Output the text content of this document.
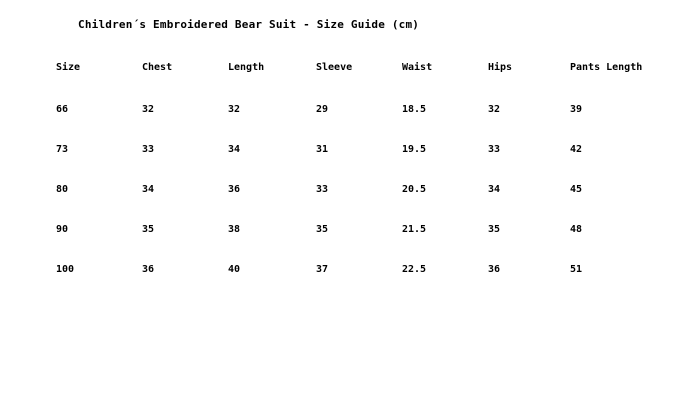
Children´s Embroidered Bear Suit - Size Guide (cm)
Size	Chest	Length	Sleeve	Waist	Hips	Pants Length
66	32	32	29	18.5	32	39
73	33	34	31	19.5	33	42
80	34	36	33	20.5	34	45
90	35	38	35	21.5	35	48
100	36	40	37	22.5	36	51
